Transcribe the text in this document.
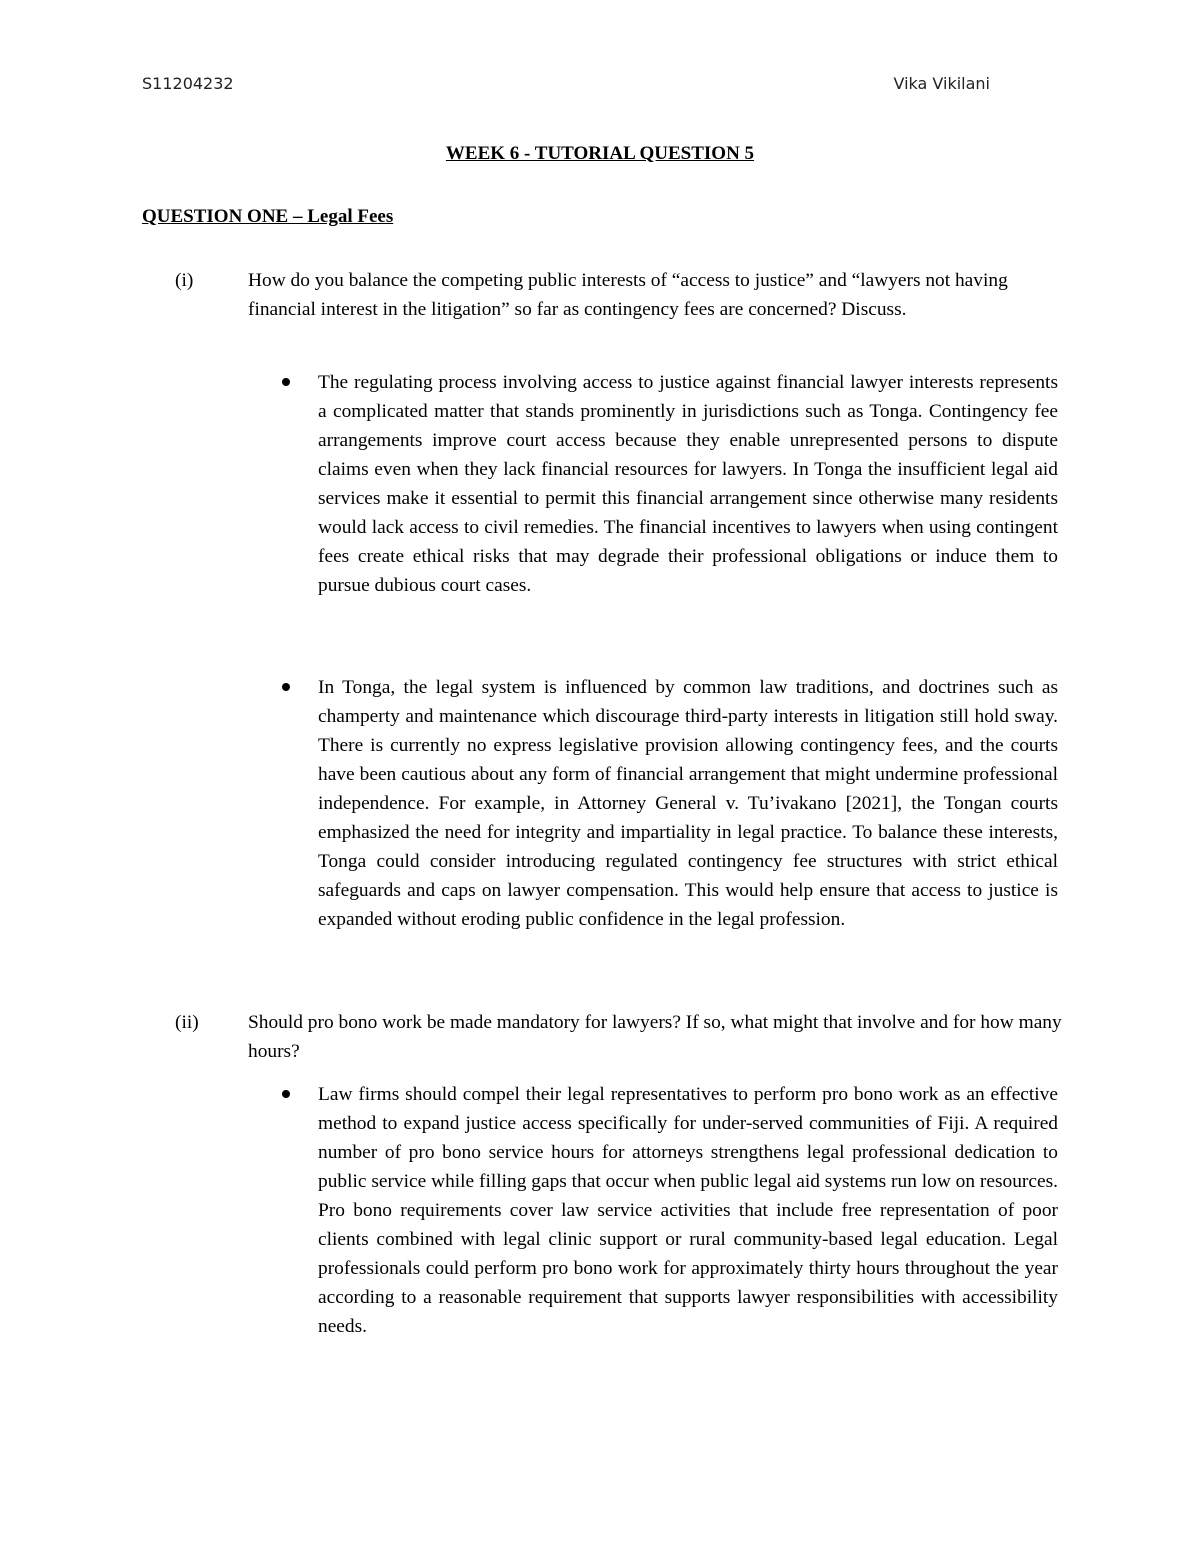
S11204232	Vika Vikilani
WEEK 6 - TUTORIAL QUESTION 5
QUESTION ONE – Legal Fees
(i)	How do you balance the competing public interests of “access to justice” and “lawyers not having financial interest in the litigation” so far as contingency fees are concerned? Discuss.
The regulating process involving access to justice against financial lawyer interests represents a complicated matter that stands prominently in jurisdictions such as Tonga. Contingency fee arrangements improve court access because they enable unrepresented persons to dispute claims even when they lack financial resources for lawyers. In Tonga the insufficient legal aid services make it essential to permit this financial arrangement since otherwise many residents would lack access to civil remedies. The financial incentives to lawyers when using contingent fees create ethical risks that may degrade their professional obligations or induce them to pursue dubious court cases.
In Tonga, the legal system is influenced by common law traditions, and doctrines such as champerty and maintenance which discourage third-party interests in litigation still hold sway. There is currently no express legislative provision allowing contingency fees, and the courts have been cautious about any form of financial arrangement that might undermine professional independence. For example, in Attorney General v. Tu’ivakano [2021], the Tongan courts emphasized the need for integrity and impartiality in legal practice. To balance these interests, Tonga could consider introducing regulated contingency fee structures with strict ethical safeguards and caps on lawyer compensation. This would help ensure that access to justice is expanded without eroding public confidence in the legal profession.
(ii)	Should pro bono work be made mandatory for lawyers? If so, what might that involve and for how many hours?
Law firms should compel their legal representatives to perform pro bono work as an effective method to expand justice access specifically for under-served communities of Fiji. A required number of pro bono service hours for attorneys strengthens legal professional dedication to public service while filling gaps that occur when public legal aid systems run low on resources. Pro bono requirements cover law service activities that include free representation of poor clients combined with legal clinic support or rural community-based legal education. Legal professionals could perform pro bono work for approximately thirty hours throughout the year according to a reasonable requirement that supports lawyer responsibilities with accessibility needs.
